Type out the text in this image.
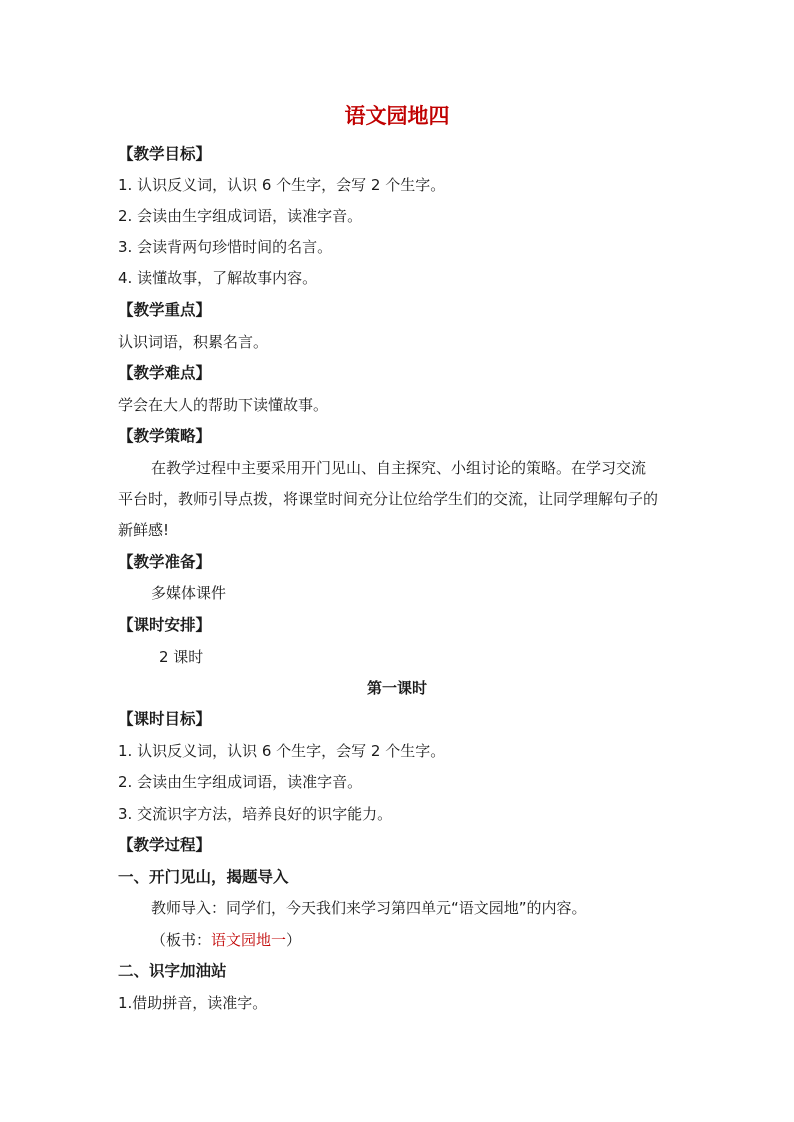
语文园地四
【教学目标】
1. 认识反义词，认识 6 个生字，会写 2 个生字。
2. 会读由生字组成词语，读准字音。
3. 会读背两句珍惜时间的名言。
4. 读懂故事，了解故事内容。
【教学重点】
认识词语，积累名言。
【教学难点】
学会在大人的帮助下读懂故事。
【教学策略】
在教学过程中主要采用开门见山、自主探究、小组讨论的策略。在学习交流
平台时，教师引导点拨，将课堂时间充分让位给学生们的交流，让同学理解句子的
新鲜感!
【教学准备】
多媒体课件
【课时安排】
2 课时
第一课时
【课时目标】
1. 认识反义词，认识 6 个生字，会写 2 个生字。
2. 会读由生字组成词语，读准字音。
3. 交流识字方法，培养良好的识字能力。
【教学过程】
一、开门见山，揭题导入
教师导入：同学们，今天我们来学习第四单元“语文园地”的内容。
（板书：语文园地一）
二、识字加油站
1.借助拼音，读准字。
